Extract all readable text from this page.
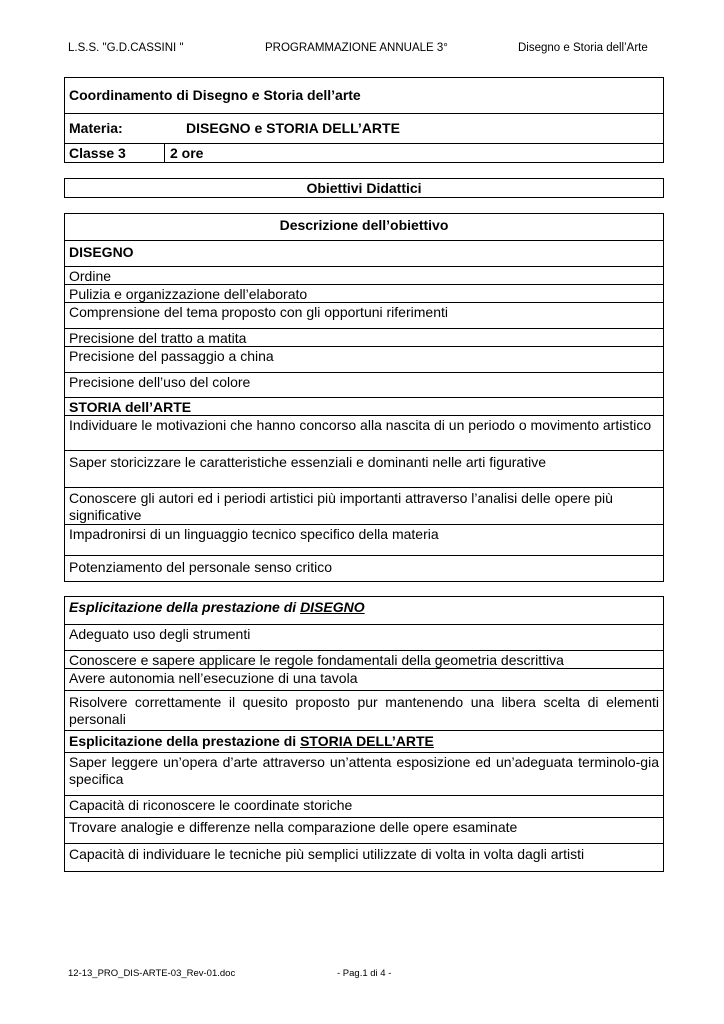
L.S.S. "G.D.CASSINI "	PROGRAMMAZIONE ANNUALE 3°	Disegno e Storia dell’Arte
Coordinamento di Disegno e Storia dell’arte
Materia:	DISEGNO e STORIA DELL’ARTE
Classe 3	2 ore
Obiettivi Didattici
Descrizione dell’obiettivo
DISEGNO
Ordine
Pulizia e organizzazione dell’elaborato
Comprensione del tema proposto con gli opportuni riferimenti
Precisione del tratto a matita
Precisione del passaggio a china
Precisione dell’uso del colore
STORIA dell’ARTE
Individuare le motivazioni che hanno concorso alla nascita di un periodo o movimento artistico
Saper storicizzare le caratteristiche essenziali e dominanti nelle arti figurative
Conoscere gli autori ed i periodi artistici più importanti attraverso l’analisi delle opere più significative
Impadronirsi di un linguaggio tecnico specifico della materia
Potenziamento del personale senso critico
Esplicitazione della prestazione di DISEGNO
Adeguato uso degli strumenti
Conoscere e sapere applicare le regole fondamentali della geometria descrittiva
Avere autonomia nell’esecuzione di una tavola
Risolvere correttamente il quesito proposto pur mantenendo una libera scelta di elementi personali
Esplicitazione della prestazione di STORIA DELL’ARTE
Saper leggere un’opera d’arte attraverso un’attenta esposizione ed un’adeguata terminolo-gia specifica
Capacità di riconoscere le coordinate storiche
Trovare analogie e differenze nella comparazione delle opere esaminate
Capacità di individuare le tecniche più semplici utilizzate di volta in volta dagli artisti
12-13_PRO_DIS-ARTE-03_Rev-01.doc	- Pag.1 di 4 -
